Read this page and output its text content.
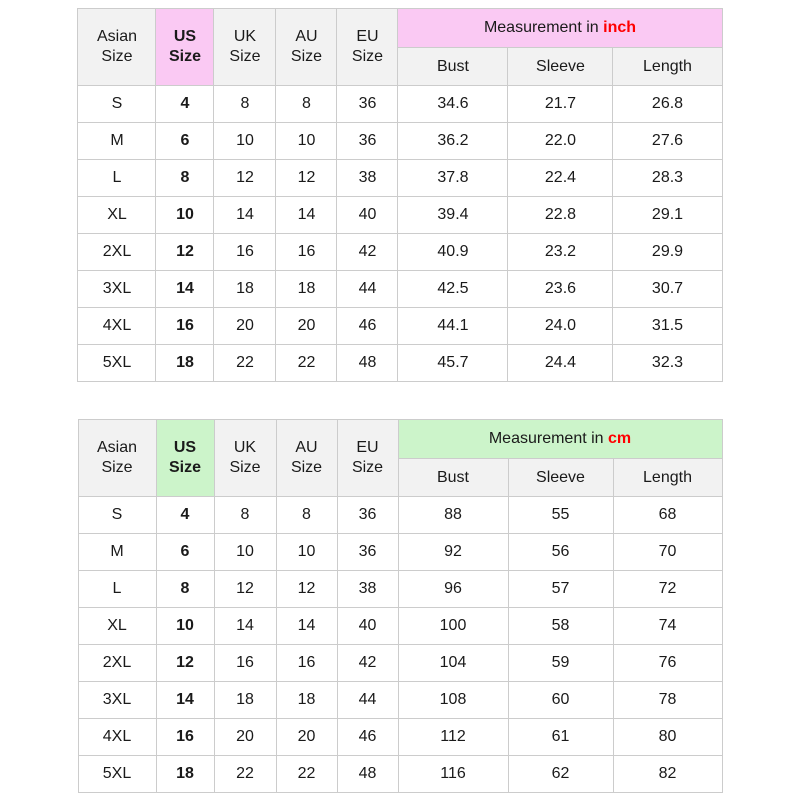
Asian
Size

US
Size

UK
Size

AU
Size

EU
Size
	Measurement in inch
					Bust	Sleeve	Length
S	4	8	8	36	34.6	21.7	26.8
M	6	10	10	36	36.2	22.0	27.6
L	8	12	12	38	37.8	22.4	28.3
XL	10	14	14	40	39.4	22.8	29.1
2XL	12	16	16	42	40.9	23.2	29.9
3XL	14	18	18	44	42.5	23.6	30.7
4XL	16	20	20	46	44.1	24.0	31.5
5XL	18	22	22	48	45.7	24.4	32.3
Asian
Size

US
Size

UK
Size

AU
Size

EU
Size
	Measurement in cm
					Bust	Sleeve	Length
S	4	8	8	36	88	55	68
M	6	10	10	36	92	56	70
L	8	12	12	38	96	57	72
XL	10	14	14	40	100	58	74
2XL	12	16	16	42	104	59	76
3XL	14	18	18	44	108	60	78
4XL	16	20	20	46	112	61	80
5XL	18	22	22	48	116	62	82
